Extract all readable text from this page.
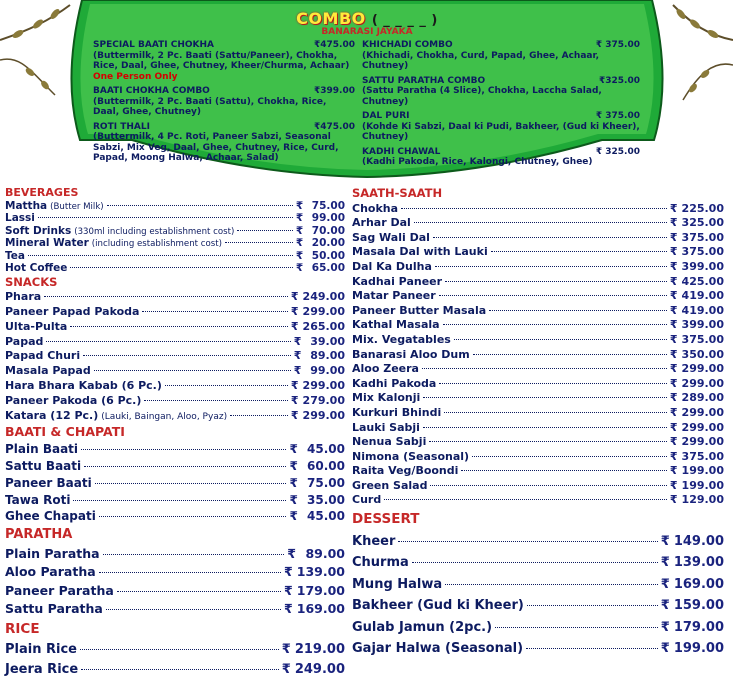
COMBO ( _ _ _ _ )
BANARASI JAYAKA
SPECIAL BAATI CHOKHA	₹475.00
(Buttermilk, 2 Pc. Baati (Sattu/Paneer), Chokha, Rice, Daal, Ghee, Chutney, Kheer/Churma, Achaar) One Person Only
BAATI CHOKHA COMBO	₹399.00
(Buttermilk, 2 Pc. Baati (Sattu), Chokha, Rice, Daal, Ghee, Chutney)
ROTI THALI	₹475.00
(Buttermilk, 4 Pc. Roti, Paneer Sabzi, Seasonal Sabzi, Mix Veg, Daal, Ghee, Chutney, Rice, Curd, Papad, Moong Halwa, Achaar, Salad)
KHICHADI COMBO	₹ 375.00
(Khichadi, Chokha, Curd, Papad, Ghee, Achaar, Chutney)
SATTU PARATHA COMBO	₹325.00
(Sattu Paratha (4 Slice), Chokha, Laccha Salad, Chutney)
DAL PURI	₹ 375.00
(Kohde Ki Sabzi, Daal ki Pudi, Bakheer, (Gud ki Kheer), Chutney)
KADHI CHAWAL	₹ 325.00
(Kadhi Pakoda, Rice, Kalongi, Chutney, Ghee)
BEVERAGES
Mattha (Butter Milk)	₹ 75.00
Lassi	₹ 99.00
Soft Drinks (330ml including establishment cost)	₹ 70.00
Mineral Water (including establishment cost)	₹ 20.00
Tea	₹ 50.00
Hot Coffee	₹ 65.00
SNACKS
Phara	₹ 249.00
Paneer Papad Pakoda	₹ 299.00
Ulta-Pulta	₹ 265.00
Papad	₹ 39.00
Papad Churi	₹ 89.00
Masala Papad	₹ 99.00
Hara Bhara Kabab (6 Pc.)	₹ 299.00
Paneer Pakoda (6 Pc.)	₹ 279.00
Katara (12 Pc.) (Lauki, Baingan, Aloo, Pyaz)	₹ 299.00
BAATI & CHAPATI
Plain Baati	₹ 45.00
Sattu Baati	₹ 60.00
Paneer Baati	₹ 75.00
Tawa Roti	₹ 35.00
Ghee Chapati	₹ 45.00
PARATHA
Plain Paratha	₹ 89.00
Aloo Paratha	₹ 139.00
Paneer Paratha	₹ 179.00
Sattu Paratha	₹ 169.00
RICE
Plain Rice	₹ 219.00
Jeera Rice	₹ 249.00
SAATH-SAATH
Chokha	₹ 225.00
Arhar Dal	₹ 325.00
Sag Wali Dal	₹ 375.00
Masala Dal with Lauki	₹ 375.00
Dal Ka Dulha	₹ 399.00
Kadhai Paneer	₹ 425.00
Matar Paneer	₹ 419.00
Paneer Butter Masala	₹ 419.00
Kathal Masala	₹ 399.00
Mix. Vegatables	₹ 375.00
Banarasi Aloo Dum	₹ 350.00
Aloo Zeera	₹ 299.00
Kadhi Pakoda	₹ 299.00
Mix Kalonji	₹ 289.00
Kurkuri Bhindi	₹ 299.00
Lauki Sabji	₹ 299.00
Nenua Sabji	₹ 299.00
Nimona (Seasonal)	₹ 375.00
Raita Veg/Boondi	₹ 199.00
Green Salad	₹ 199.00
Curd	₹ 129.00
DESSERT
Kheer	₹ 149.00
Churma	₹ 139.00
Mung Halwa	₹ 169.00
Bakheer (Gud ki Kheer)	₹ 159.00
Gulab Jamun (2pc.)	₹ 179.00
Gajar Halwa (Seasonal)	₹ 199.00
